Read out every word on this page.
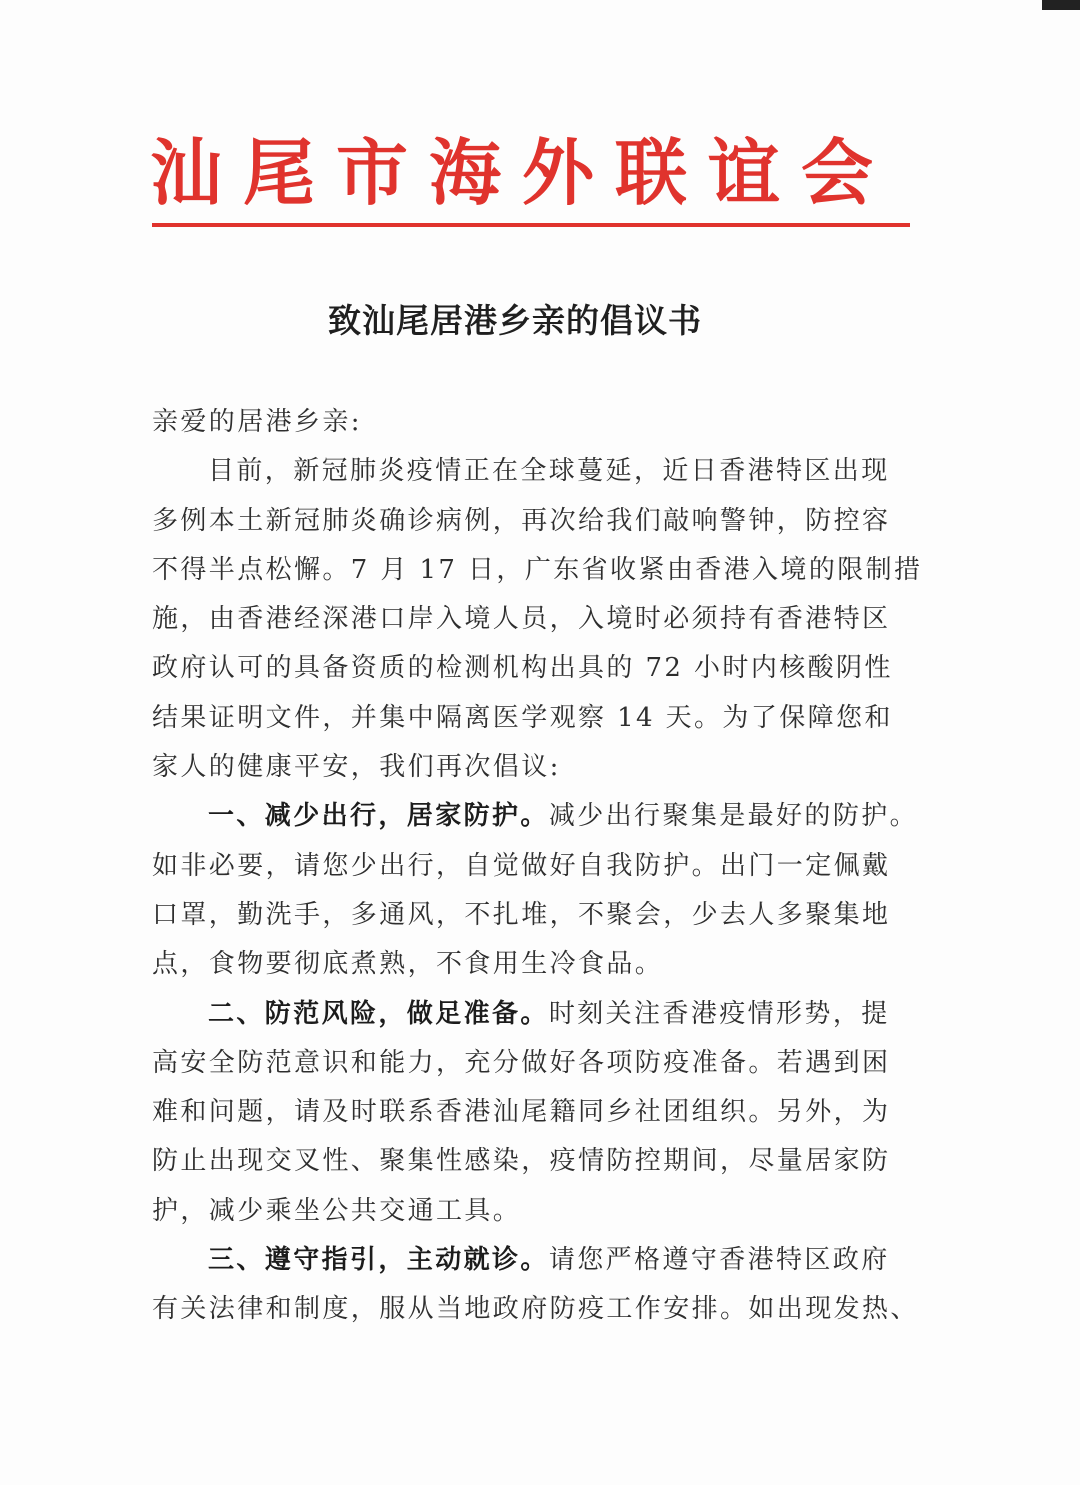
汕尾市海外联谊会
致汕尾居港乡亲的倡议书
亲爱的居港乡亲:
目前，新冠肺炎疫情正在全球蔓延，近日香港特区出现
多例本土新冠肺炎确诊病例，再次给我们敲响警钟，防控容
不得半点松懈。7 月 17 日，广东省收紧由香港入境的限制措
施，由香港经深港口岸入境人员，入境时必须持有香港特区
政府认可的具备资质的检测机构出具的 72 小时内核酸阴性
结果证明文件，并集中隔离医学观察 14 天。为了保障您和
家人的健康平安，我们再次倡议:
一、减少出行，居家防护。减少出行聚集是最好的防护。
如非必要，请您少出行，自觉做好自我防护。出门一定佩戴
口罩，勤洗手，多通风，不扎堆，不聚会，少去人多聚集地
点，食物要彻底煮熟，不食用生冷食品。
二、防范风险，做足准备。时刻关注香港疫情形势，提
高安全防范意识和能力，充分做好各项防疫准备。若遇到困
难和问题，请及时联系香港汕尾籍同乡社团组织。另外，为
防止出现交叉性、聚集性感染，疫情防控期间，尽量居家防
护，减少乘坐公共交通工具。
三、遵守指引，主动就诊。请您严格遵守香港特区政府
有关法律和制度，服从当地政府防疫工作安排。如出现发热、
